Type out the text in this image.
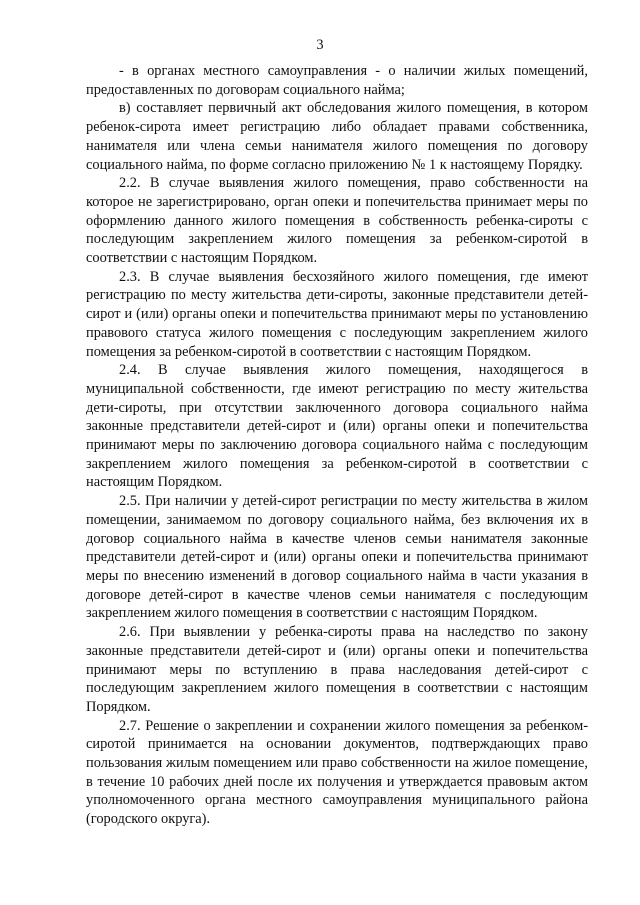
3

- в органах местного самоуправления - о наличии жилых помещений, предоставленных по договорам социального найма;

в) составляет первичный акт обследования жилого помещения, в котором ребенок-сирота имеет регистрацию либо обладает правами собственника, нанимателя или члена семьи нанимателя жилого помещения по договору социального найма, по форме согласно приложению № 1 к настоящему Порядку.

2.2. В случае выявления жилого помещения, право собственности на которое не зарегистрировано, орган опеки и попечительства принимает меры по оформлению данного жилого помещения в собственность ребенка-сироты с последующим закреплением жилого помещения за ребенком-сиротой в соответствии с настоящим Порядком.

2.3. В случае выявления бесхозяйного жилого помещения, где имеют регистрацию по месту жительства дети-сироты, законные представители детей-сирот и (или) органы опеки и попечительства принимают меры по установлению правового статуса жилого помещения с последующим закреплением жилого помещения за ребенком-сиротой в соответствии с настоящим Порядком.

2.4. В случае выявления жилого помещения, находящегося в муниципальной собственности, где имеют регистрацию по месту жительства дети-сироты, при отсутствии заключенного договора социального найма законные представители детей-сирот и (или) органы опеки и попечительства принимают меры по заключению договора социального найма с последующим закреплением жилого помещения за ребенком-сиротой в соответствии с настоящим Порядком.

2.5. При наличии у детей-сирот регистрации по месту жительства в жилом помещении, занимаемом по договору социального найма, без включения их в договор социального найма в качестве членов семьи нанимателя законные представители детей-сирот и (или) органы опеки и попечительства принимают меры по внесению изменений в договор социального найма в части указания в договоре детей-сирот в качестве членов семьи нанимателя с последующим закреплением жилого помещения в соответствии с настоящим Порядком.

2.6. При выявлении у ребенка-сироты права на наследство по закону законные представители детей-сирот и (или) органы опеки и попечительства принимают меры по вступлению в права наследования детей-сирот с последующим закреплением жилого помещения в соответствии с настоящим Порядком.

2.7. Решение о закреплении и сохранении жилого помещения за ребенком-сиротой принимается на основании документов, подтверждающих право пользования жилым помещением или право собственности на жилое помещение, в течение 10 рабочих дней после их получения и утверждается правовым актом уполномоченного органа местного самоуправления муниципального района (городского округа).
